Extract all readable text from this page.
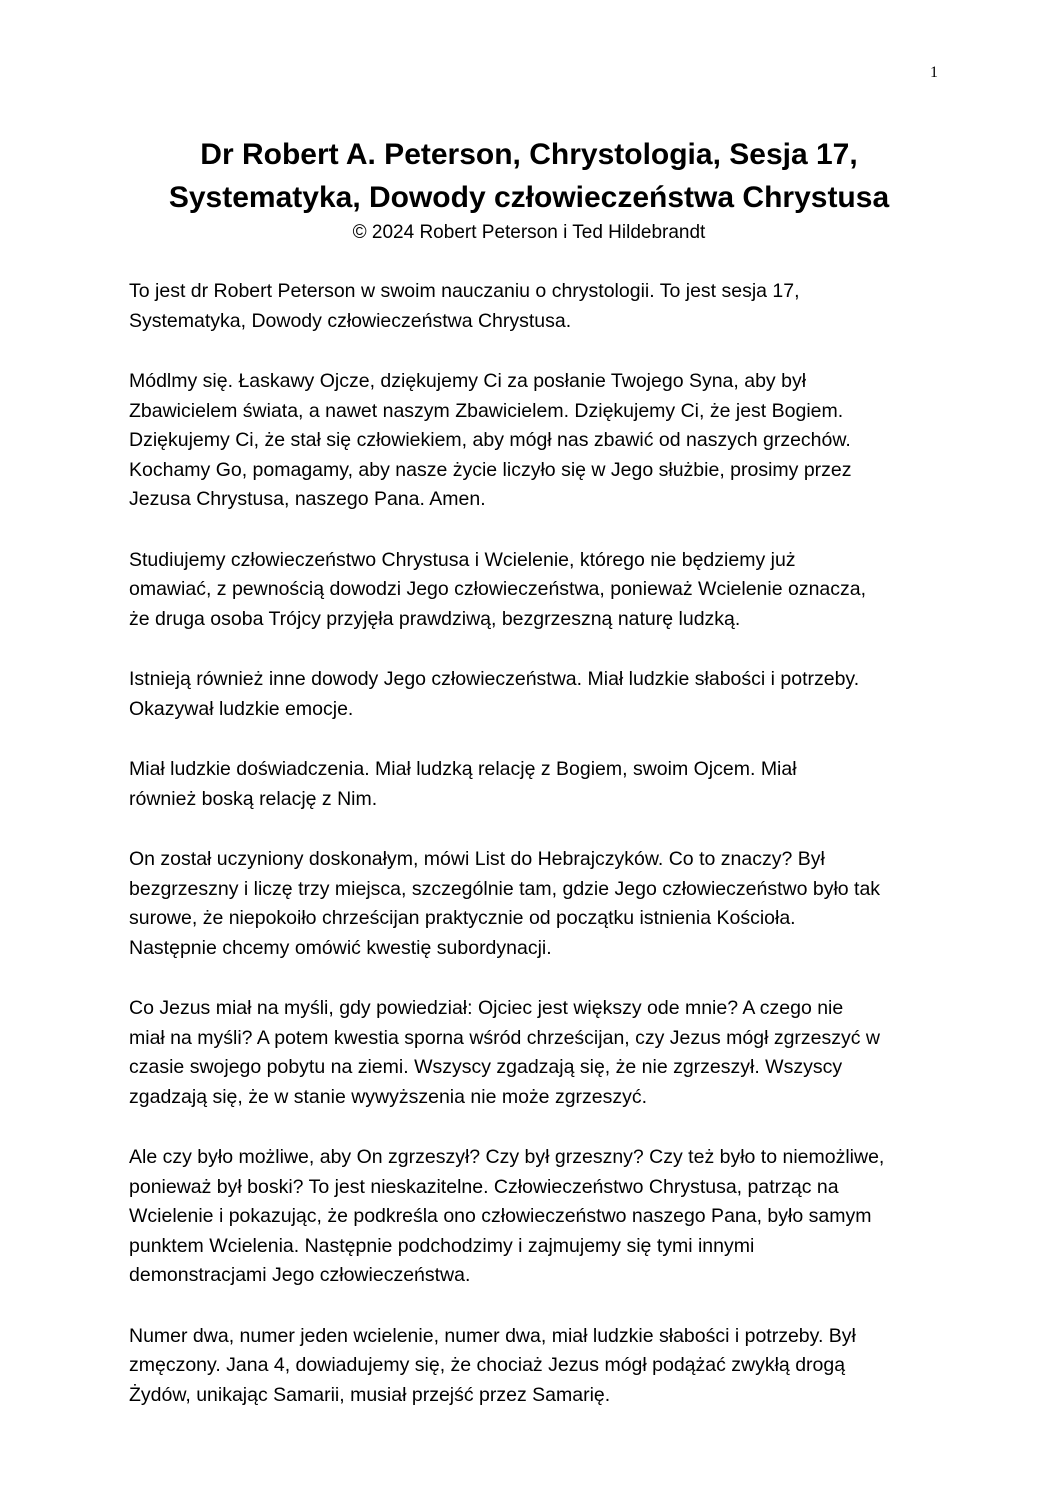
1
Dr Robert A. Peterson, Chrystologia, Sesja 17,
Systematyka, Dowody człowieczeństwa Chrystusa
© 2024 Robert Peterson i Ted Hildebrandt
To jest dr Robert Peterson w swoim nauczaniu o chrystologii. To jest sesja 17,
Systematyka, Dowody człowieczeństwa Chrystusa.
Módlmy się. Łaskawy Ojcze, dziękujemy Ci za posłanie Twojego Syna, aby był
Zbawicielem świata, a nawet naszym Zbawicielem. Dziękujemy Ci, że jest Bogiem.
Dziękujemy Ci, że stał się człowiekiem, aby mógł nas zbawić od naszych grzechów.
Kochamy Go, pomagamy, aby nasze życie liczyło się w Jego służbie, prosimy przez
Jezusa Chrystusa, naszego Pana. Amen.
Studiujemy człowieczeństwo Chrystusa i Wcielenie, którego nie będziemy już
omawiać, z pewnością dowodzi Jego człowieczeństwa, ponieważ Wcielenie oznacza,
że druga osoba Trójcy przyjęła prawdziwą, bezgrzeszną naturę ludzką.
Istnieją również inne dowody Jego człowieczeństwa. Miał ludzkie słabości i potrzeby.
Okazywał ludzkie emocje.
Miał ludzkie doświadczenia. Miał ludzką relację z Bogiem, swoim Ojcem. Miał
również boską relację z Nim.
On został uczyniony doskonałym, mówi List do Hebrajczyków. Co to znaczy? Był
bezgrzeszny i liczę trzy miejsca, szczególnie tam, gdzie Jego człowieczeństwo było tak
surowe, że niepokoiło chrześcijan praktycznie od początku istnienia Kościoła.
Następnie chcemy omówić kwestię subordynacji.
Co Jezus miał na myśli, gdy powiedział: Ojciec jest większy ode mnie? A czego nie
miał na myśli? A potem kwestia sporna wśród chrześcijan, czy Jezus mógł zgrzeszyć w
czasie swojego pobytu na ziemi. Wszyscy zgadzają się, że nie zgrzeszył. Wszyscy
zgadzają się, że w stanie wywyższenia nie może zgrzeszyć.
Ale czy było możliwe, aby On zgrzeszył? Czy był grzeszny? Czy też było to niemożliwe,
ponieważ był boski? To jest nieskazitelne. Człowieczeństwo Chrystusa, patrząc na
Wcielenie i pokazując, że podkreśla ono człowieczeństwo naszego Pana, było samym
punktem Wcielenia. Następnie podchodzimy i zajmujemy się tymi innymi
demonstracjami Jego człowieczeństwa.
Numer dwa, numer jeden wcielenie, numer dwa, miał ludzkie słabości i potrzeby. Był
zmęczony. Jana 4, dowiadujemy się, że chociaż Jezus mógł podążać zwykłą drogą
Żydów, unikając Samarii, musiał przejść przez Samarię.
